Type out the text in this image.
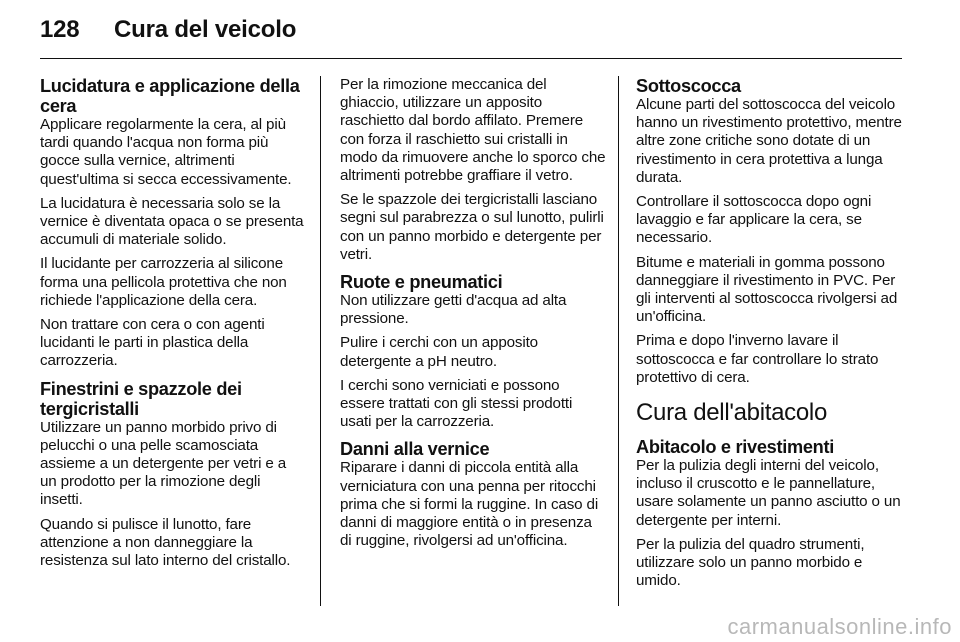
128 Cura del veicolo
Lucidatura e applicazione della cera

Applicare regolarmente la cera, al più tardi quando l'acqua non forma più gocce sulla vernice, altrimenti quest'ultima si secca eccessivamente.

La lucidatura è necessaria solo se la vernice è diventata opaca o se presenta accumuli di materiale solido.

Il lucidante per carrozzeria al silicone forma una pellicola protettiva che non richiede l'applicazione della cera.

Non trattare con cera o con agenti lucidanti le parti in plastica della carrozzeria.

Finestrini e spazzole dei tergicristalli

Utilizzare un panno morbido privo di pelucchi o una pelle scamosciata assieme a un detergente per vetri e a un prodotto per la rimozione degli insetti.

Quando si pulisce il lunotto, fare attenzione a non danneggiare la resistenza sul lato interno del cristallo.

Per la rimozione meccanica del ghiaccio, utilizzare un apposito raschietto dal bordo affilato. Premere con forza il raschietto sui cristalli in modo da rimuovere anche lo sporco che altrimenti potrebbe graffiare il vetro.

Se le spazzole dei tergicristalli lasciano segni sul parabrezza o sul lunotto, pulirli con un panno morbido e detergente per vetri.

Ruote e pneumatici

Non utilizzare getti d'acqua ad alta pressione.

Pulire i cerchi con un apposito detergente a pH neutro.

I cerchi sono verniciati e possono essere trattati con gli stessi prodotti usati per la carrozzeria.

Danni alla vernice

Riparare i danni di piccola entità alla verniciatura con una penna per ritocchi prima che si formi la ruggine. In caso di danni di maggiore entità o in presenza di ruggine, rivolgersi ad un'officina.

Sottoscocca

Alcune parti del sottoscocca del veicolo hanno un rivestimento protettivo, mentre altre zone critiche sono dotate di un rivestimento in cera protettiva a lunga durata.

Controllare il sottoscocca dopo ogni lavaggio e far applicare la cera, se necessario.

Bitume e materiali in gomma possono danneggiare il rivestimento in PVC. Per gli interventi al sottoscocca rivolgersi ad un'officina.

Prima e dopo l'inverno lavare il sottoscocca e far controllare lo strato protettivo di cera.

Cura dell'abitacolo
Abitacolo e rivestimenti

Per la pulizia degli interni del veicolo, incluso il cruscotto e le pannellature, usare solamente un panno asciutto o un detergente per interni.

Per la pulizia del quadro strumenti, utilizzare solo un panno morbido e umido.

carmanualsonline.info
